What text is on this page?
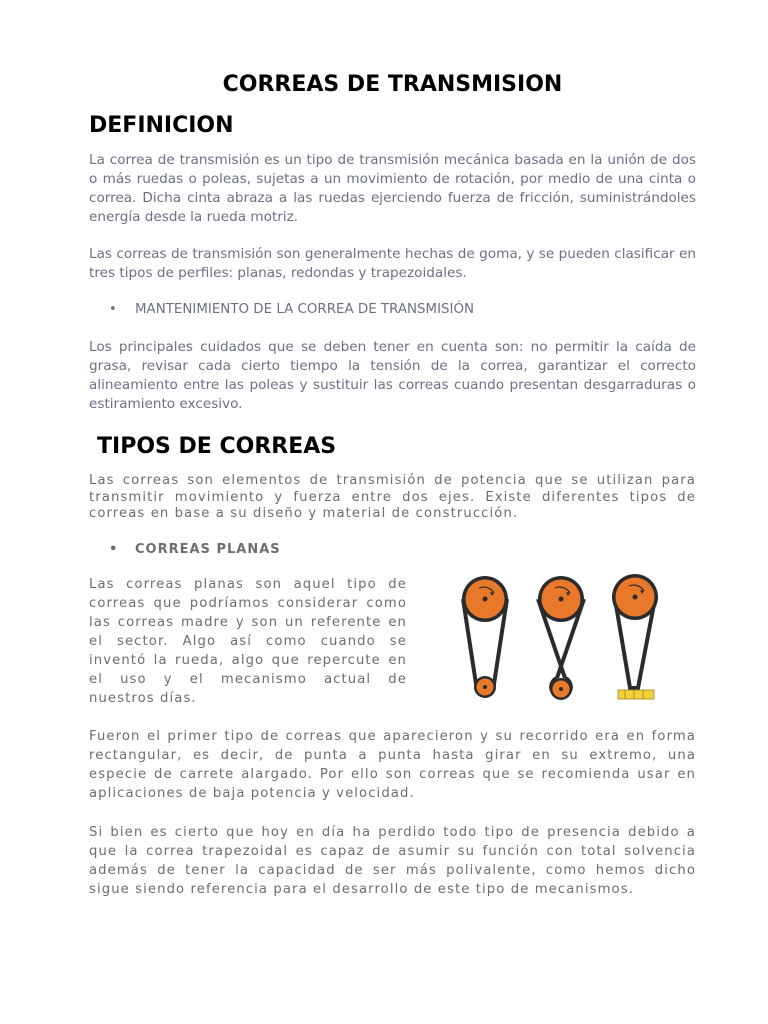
CORREAS DE TRANSMISION
DEFINICION

La correa de transmisión es un tipo de transmisión mecánica basada en la unión de dos o más ruedas o poleas, sujetas a un movimiento de rotación, por medio de una cinta o correa. Dicha cinta abraza a las ruedas ejerciendo fuerza de fricción, suministrándoles energía desde la rueda motriz.

Las correas de transmisión son generalmente hechas de goma, y se pueden clasificar en tres tipos de perfiles: planas, redondas y trapezoidales.

• MANTENIMIENTO DE LA CORREA DE TRANSMISIÓN

Los principales cuidados que se deben tener en cuenta son: no permitir la caída de grasa, revisar cada cierto tiempo la tensión de la correa, garantizar el correcto alineamiento entre las poleas y sustituir las correas cuando presentan desgarraduras o estiramiento excesivo.

TIPOS DE CORREAS

Las correas son elementos de transmisión de potencia que se utilizan para transmitir movimiento y fuerza entre dos ejes. Existe diferentes tipos de correas en base a su diseño y material de construcción.

• CORREAS PLANAS

Las correas planas son aquel tipo de correas que podríamos considerar como las correas madre y son un referente en el sector. Algo así como cuando se inventó la rueda, algo que repercute en el uso y el mecanismo actual de nuestros días.

Fueron el primer tipo de correas que aparecieron y su recorrido era en forma rectangular, es decir, de punta a punta hasta girar en su extremo, una especie de carrete alargado. Por ello son correas que se recomienda usar en aplicaciones de baja potencia y velocidad.

Si bien es cierto que hoy en día ha perdido todo tipo de presencia debido a que la correa trapezoidal es capaz de asumir su función con total solvencia además de tener la capacidad de ser más polivalente, como hemos dicho sigue siendo referencia para el desarrollo de este tipo de mecanismos.
